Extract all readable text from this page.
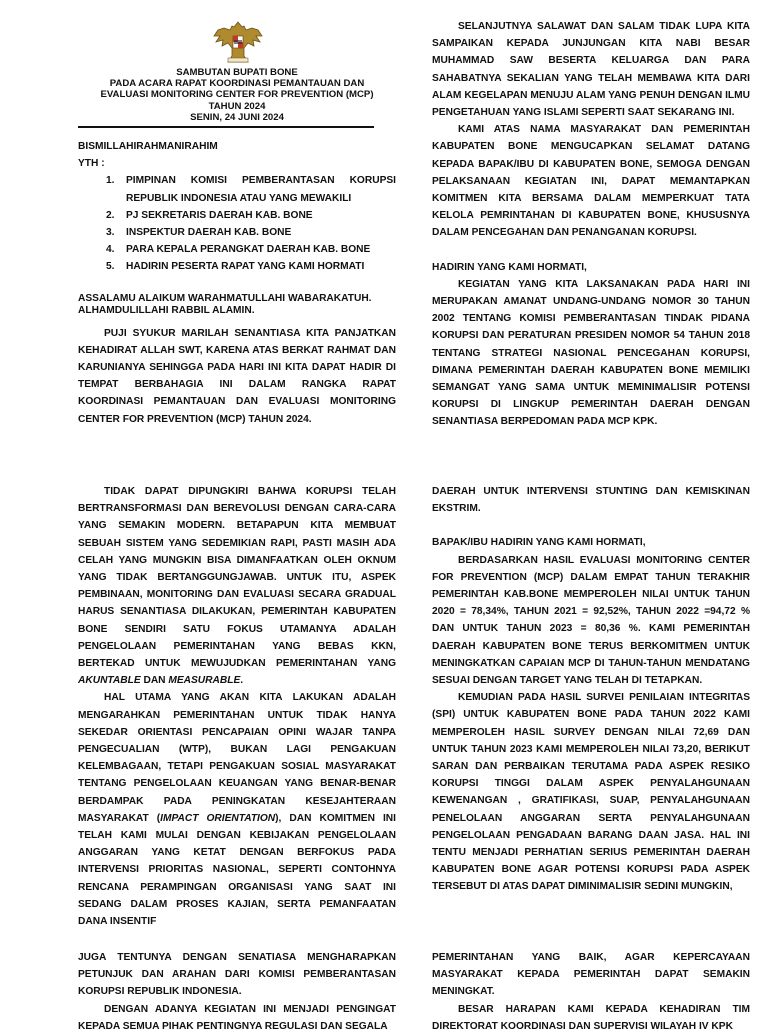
SAMBUTAN BUPATI BONE
PADA ACARA RAPAT KOORDINASI PEMANTAUAN DAN
EVALUASI MONITORING CENTER FOR PREVENTION (MCP)
TAHUN 2024
SENIN, 24 JUNI 2024

BISMILLAHIRAHMANIRAHIM

YTH :

1. PIMPINAN KOMISI PEMBERANTASAN KORUPSI REPUBLIK INDONESIA ATAU YANG MEWAKILI
2. PJ SEKRETARIS DAERAH KAB. BONE
3. INSPEKTUR DAERAH KAB. BONE
4. PARA KEPALA PERANGKAT DAERAH KAB. BONE
5. HADIRIN PESERTA RAPAT YANG KAMI HORMATI

ASSALAMU ALAIKUM WARAHMATULLAHI WABARAKATUH.

ALHAMDULILLAHI RABBIL ALAMIN.

PUJI SYUKUR MARILAH SENANTIASA KITA PANJATKAN KEHADIRAT ALLAH SWT, KARENA ATAS BERKAT RAHMAT DAN KARUNIANYA SEHINGGA PADA HARI INI KITA DAPAT HADIR DI TEMPAT BERBAHAGIA INI DALAM RANGKA RAPAT KOORDINASI PEMANTAUAN DAN EVALUASI MONITORING CENTER FOR PREVENTION (MCP) TAHUN 2024.

SELANJUTNYA SALAWAT DAN SALAM TIDAK LUPA KITA SAMPAIKAN KEPADA JUNJUNGAN KITA NABI BESAR MUHAMMAD SAW BESERTA KELUARGA DAN PARA SAHABATNYA SEKALIAN YANG TELAH MEMBAWA KITA DARI ALAM KEGELAPAN MENUJU ALAM YANG PENUH DENGAN ILMU PENGETAHUAN YANG ISLAMI SEPERTI SAAT SEKARANG INI.

KAMI ATAS NAMA MASYARAKAT DAN PEMERINTAH KABUPATEN BONE MENGUCAPKAN SELAMAT DATANG KEPADA BAPAK/IBU DI KABUPATEN BONE, SEMOGA DENGAN PELAKSANAAN KEGIATAN INI, DAPAT MEMANTAPKAN KOMITMEN KITA BERSAMA DALAM MEMPERKUAT TATA KELOLA PEMRINTAHAN DI KABUPATEN BONE, KHUSUSNYA DALAM PENCEGAHAN DAN PENANGANAN KORUPSI.

HADIRIN YANG KAMI HORMATI,

KEGIATAN YANG KITA LAKSANAKAN PADA HARI INI MERUPAKAN AMANAT UNDANG-UNDANG NOMOR 30 TAHUN 2002 TENTANG KOMISI PEMBERANTASAN TINDAK PIDANA KORUPSI DAN PERATURAN PRESIDEN NOMOR 54 TAHUN 2018 TENTANG STRATEGI NASIONAL PENCEGAHAN KORUPSI, DIMANA PEMERINTAH DAERAH KABUPATEN BONE MEMILIKI SEMANGAT YANG SAMA UNTUK MEMINIMALISIR POTENSI KORUPSI DI LINGKUP PEMERINTAH DAERAH DENGAN SENANTIASA BERPEDOMAN PADA MCP KPK.

TIDAK DAPAT DIPUNGKIRI BAHWA KORUPSI TELAH BERTRANSFORMASI DAN BEREVOLUSI DENGAN CARA-CARA YANG SEMAKIN MODERN. BETAPAPUN KITA MEMBUAT SEBUAH SISTEM YANG SEDEMIKIAN RAPI, PASTI MASIH ADA CELAH YANG MUNGKIN BISA DIMANFAATKAN OLEH OKNUM YANG TIDAK BERTANGGUNGJAWAB. UNTUK ITU, ASPEK PEMBINAAN, MONITORING DAN EVALUASI SECARA GRADUAL HARUS SENANTIASA DILAKUKAN, PEMERINTAH KABUPATEN BONE SENDIRI SATU FOKUS UTAMANYA ADALAH PENGELOLAAN PEMERINTAHAN YANG BEBAS KKN, BERTEKAD UNTUK MEWUJUDKAN PEMERINTAHAN YANG AKUNTABLE DAN MEASURABLE.

HAL UTAMA YANG AKAN KITA LAKUKAN ADALAH MENGARAHKAN PEMERINTAHAN UNTUK TIDAK HANYA SEKEDAR ORIENTASI PENCAPAIAN OPINI WAJAR TANPA PENGECUALIAN (WTP), BUKAN LAGI PENGAKUAN KELEMBAGAAN, TETAPI PENGAKUAN SOSIAL MASYARAKAT TENTANG PENGELOLAAN KEUANGAN YANG BENAR-BENAR BERDAMPAK PADA PENINGKATAN KESEJAHTERAAN MASYARAKAT (IMPACT ORIENTATION), DAN KOMITMEN INI TELAH KAMI MULAI DENGAN KEBIJAKAN PENGELOLAAN ANGGARAN YANG KETAT DENGAN BERFOKUS PADA INTERVENSI PRIORITAS NASIONAL, SEPERTI CONTOHNYA RENCANA PERAMPINGAN ORGANISASI YANG SAAT INI SEDANG DALAM PROSES KAJIAN, SERTA PEMANFAATAN DANA INSENTIF

DAERAH UNTUK INTERVENSI STUNTING DAN KEMISKINAN EKSTRIM.

BAPAK/IBU HADIRIN YANG KAMI HORMATI,

BERDASARKAN HASIL EVALUASI MONITORING CENTER FOR PREVENTION (MCP) DALAM EMPAT TAHUN TERAKHIR PEMERINTAH KAB.BONE MEMPEROLEH NILAI UNTUK TAHUN 2020 = 78,34%, TAHUN 2021 = 92,52%, TAHUN 2022 =94,72 % DAN UNTUK TAHUN 2023 = 80,36 %. KAMI PEMERINTAH DAERAH KABUPATEN BONE TERUS BERKOMITMEN UNTUK MENINGKATKAN CAPAIAN MCP DI TAHUN-TAHUN MENDATANG SESUAI DENGAN TARGET YANG TELAH DI TETAPKAN.

KEMUDIAN PADA HASIL SURVEI PENILAIAN INTEGRITAS (SPI) UNTUK KABUPATEN BONE PADA TAHUN 2022 KAMI MEMPEROLEH HASIL SURVEY DENGAN NILAI 72,69 DAN UNTUK TAHUN 2023 KAMI MEMPEROLEH NILAI 73,20, BERIKUT SARAN DAN PERBAIKAN TERUTAMA PADA ASPEK RESIKO KORUPSI TINGGI DALAM ASPEK PENYALAHGUNAAN KEWENANGAN , GRATIFIKASI, SUAP, PENYALAHGUNAAN PENELOLAAN ANGGARAN SERTA PENYALAHGUNAAN PENGELOLAAN PENGADAAN BARANG DAAN JASA. HAL INI TENTU MENJADI PERHATIAN SERIUS PEMERINTAH DAERAH KABUPATEN BONE AGAR POTENSI KORUPSI PADA ASPEK TERSEBUT DI ATAS DAPAT DIMINIMALISIR SEDINI MUNGKIN,

JUGA TENTUNYA DENGAN SENATIASA MENGHARAPKAN PETUNJUK DAN ARAHAN DARI KOMISI PEMBERANTASAN KORUPSI REPUBLIK INDONESIA.

DENGAN ADANYA KEGIATAN INI MENJADI PENGINGAT KEPADA SEMUA PIHAK PENTINGNYA REGULASI DAN SEGALA

PEMERINTAHAN YANG BAIK, AGAR KEPERCAYAAN MASYARAKAT KEPADA PEMERINTAH DAPAT SEMAKIN MENINGKAT.

BESAR HARAPAN KAMI KEPADA KEHADIRAN TIM DIREKTORAT KOORDINASI DAN SUPERVISI WILAYAH IV KPK
